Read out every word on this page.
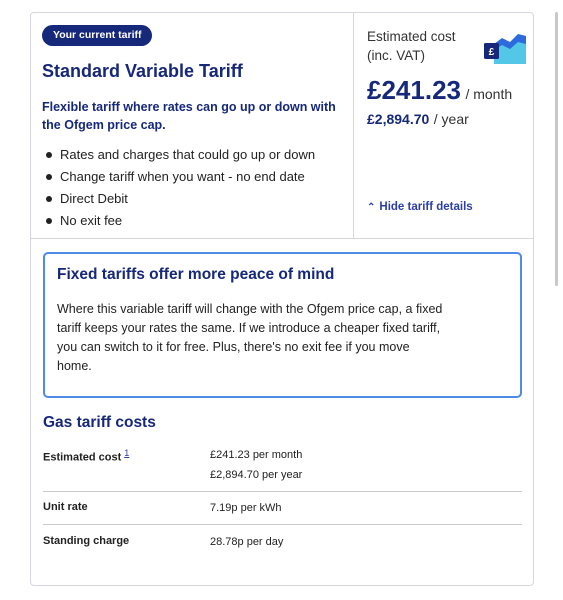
Your current tariff
Standard Variable Tariff
Flexible tariff where rates can go up or down with the Ofgem price cap.
Rates and charges that could go up or down
Change tariff when you want - no end date
Direct Debit
No exit fee
Estimated cost (inc. VAT)	£
£241.23 / month
£2,894.70 / year
⌃ Hide tariff details
Fixed tariffs offer more peace of mind
Where this variable tariff will change with the Ofgem price cap, a fixed tariff keeps your rates the same. If we introduce a cheaper fixed tariff, you can switch to it for free. Plus, there's no exit fee if you move home.
Gas tariff costs
Estimated cost $^1$	£241.23 per month
£2,894.70 per year
Unit rate	7.19p per kWh
Standing charge	28.78p per day
